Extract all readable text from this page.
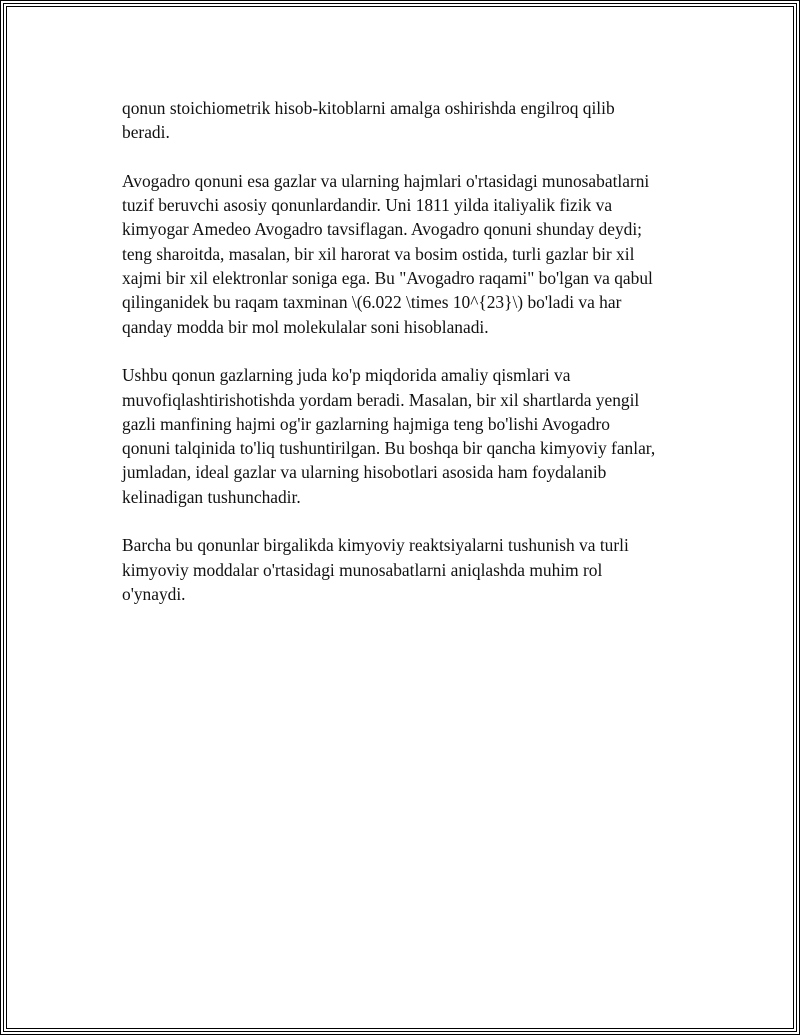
qonun stoichiometrik hisob-kitoblarni amalga oshirishda engilroq qilib
beradi.

Avogadro qonuni esa gazlar va ularning hajmlari o'rtasidagi munosabatlarni
tuzif beruvchi asosiy qonunlardandir. Uni 1811 yilda italiyalik fizik va
kimyogar Amedeo Avogadro tavsiflagan. Avogadro qonuni shunday deydi;
teng sharoitda, masalan, bir xil harorat va bosim ostida, turli gazlar bir xil
xajmi bir xil elektronlar soniga ega. Bu "Avogadro raqami" bo'lgan va qabul
qilinganidek bu raqam taxminan \(6.022 \times 10^{23}\) bo'ladi va har
qanday modda bir mol molekulalar soni hisoblanadi.

Ushbu qonun gazlarning juda ko'p miqdorida amaliy qismlari va
muvofiqlashtirishotishda yordam beradi. Masalan, bir xil shartlarda yengil
gazli manfining hajmi og'ir gazlarning hajmiga teng bo'lishi Avogadro
qonuni talqinida to'liq tushuntirilgan. Bu boshqa bir qancha kimyoviy fanlar,
jumladan, ideal gazlar va ularning hisobotlari asosida ham foydalanib
kelinadigan tushunchadir.

Barcha bu qonunlar birgalikda kimyoviy reaktsiyalarni tushunish va turli
kimyoviy moddalar o'rtasidagi munosabatlarni aniqlashda muhim rol
o'ynaydi.
